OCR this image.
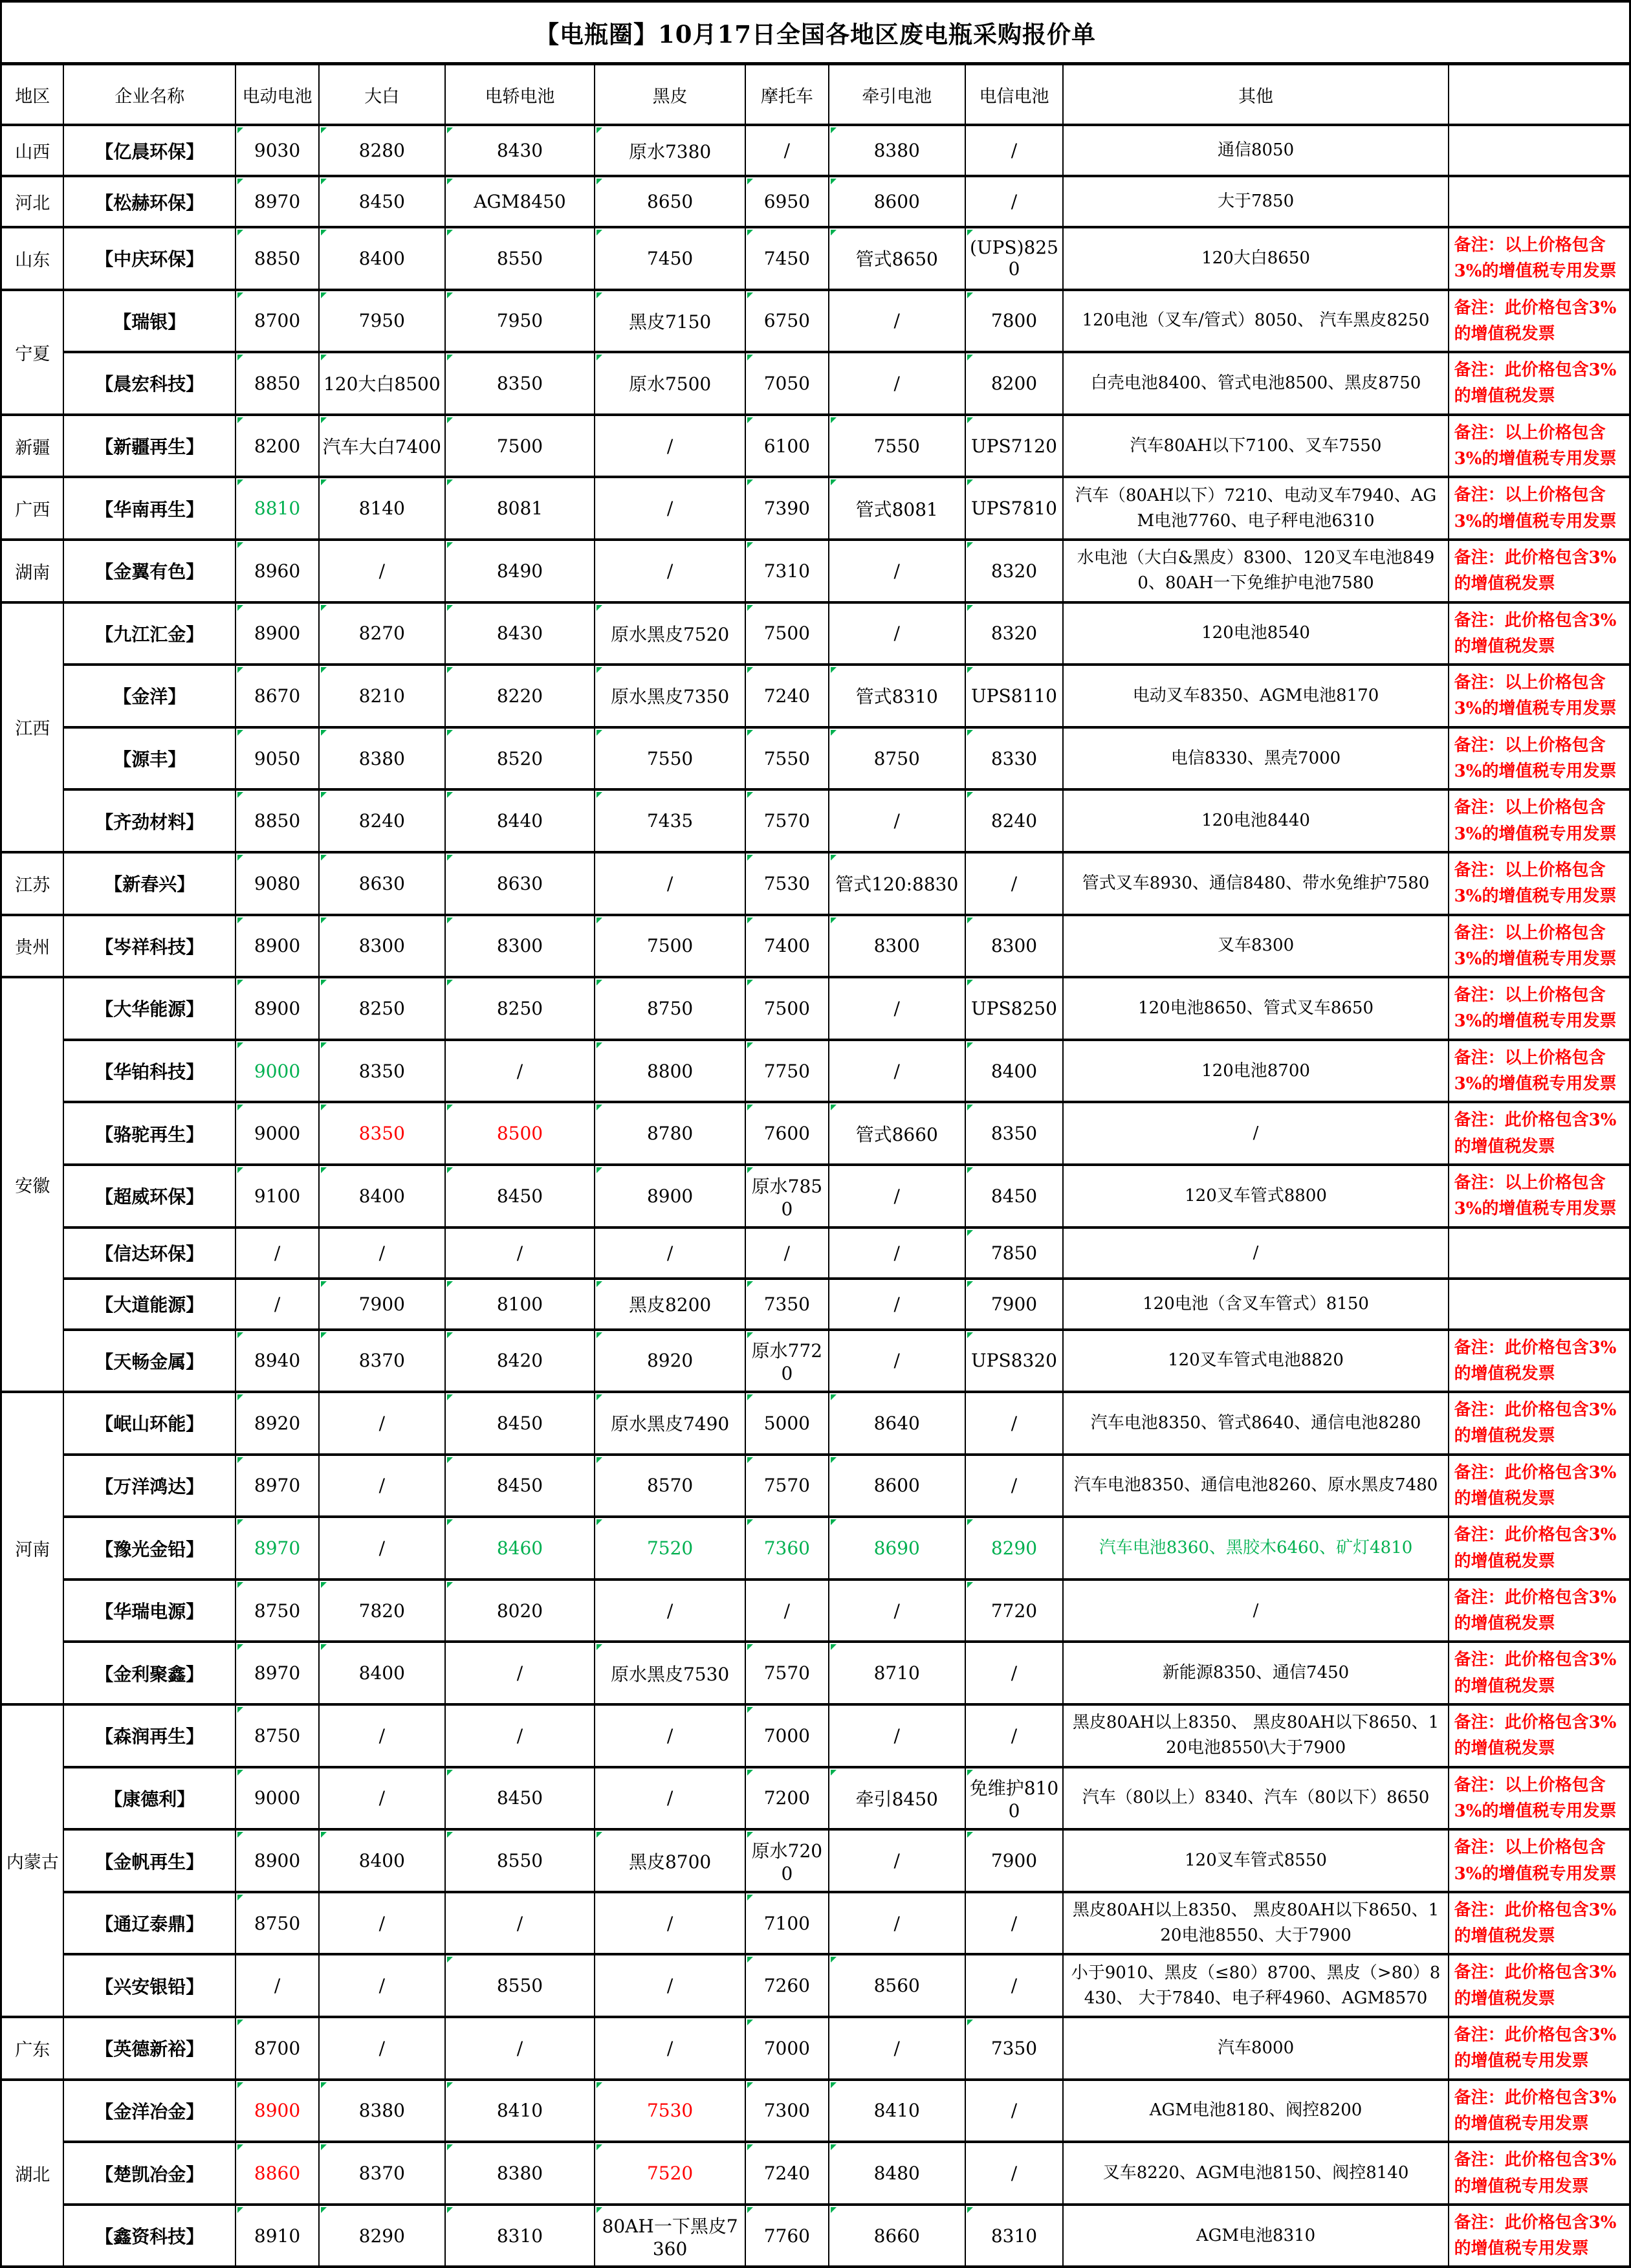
【电瓶圈】10月17日全国各地区废电瓶采购报价单										
地区	企业名称	电动电池	大白	电轿电池	黑皮	摩托车	牵引电池	电信电池	其他	
山西	【亿晨环保】	9030	8280	8430	原水7380	/	8380	/	通信8050	
河北	【松赫环保】	8970	8450	AGM8450	8650	6950	8600	/	大于7850	
山东	【中庆环保】	8850	8400	8550	7450	7450	管式8650	(UPS)8250	120大白8650	备注：以上价格包含3%的增值税专用发票
宁夏	【瑞银】	8700	7950	7950	黑皮7150	6750	/	7800	120电池（叉车/管式）8050、 汽车黑皮8250	备注：此价格包含3%的增值税发票
	【晨宏科技】	8850	120大白8500	8350	原水7500	7050	/	8200	白壳电池8400、管式电池8500、黑皮8750	备注：此价格包含3%的增值税发票
新疆	【新疆再生】	8200	汽车大白7400	7500	/	6100	7550	UPS7120	汽车80AH以下7100、叉车7550	备注：以上价格包含3%的增值税专用发票
广西	【华南再生】	8810	8140	8081	/	7390	管式8081	UPS7810	汽车（80AH以下）7210、电动叉车7940、AGM电池7760、电子秤电池6310	备注：以上价格包含3%的增值税专用发票
湖南	【金翼有色】	8960	/	8490	/	7310	/	8320	水电池（大白&黑皮）8300、120叉车电池8490、80AH一下免维护电池7580	备注：此价格包含3%的增值税发票
江西	【九江汇金】	8900	8270	8430	原水黑皮7520	7500	/	8320	120电池8540	备注：此价格包含3%的增值税发票
	【金洋】	8670	8210	8220	原水黑皮7350	7240	管式8310	UPS8110	电动叉车8350、AGM电池8170	备注：以上价格包含3%的增值税专用发票
	【源丰】	9050	8380	8520	7550	7550	8750	8330	电信8330、黑壳7000	备注：以上价格包含3%的增值税专用发票
	【齐劲材料】	8850	8240	8440	7435	7570	/	8240	120电池8440	备注：以上价格包含3%的增值税专用发票
江苏	【新春兴】	9080	8630	8630	/	7530	管式120:8830	/	管式叉车8930、通信8480、带水免维护7580	备注：以上价格包含3%的增值税专用发票
贵州	【岑祥科技】	8900	8300	8300	7500	7400	8300	8300	叉车8300	备注：以上价格包含3%的增值税专用发票
安徽	【大华能源】	8900	8250	8250	8750	7500	/	UPS8250	120电池8650、管式叉车8650	备注：以上价格包含3%的增值税专用发票
	【华铂科技】	9000	8350	/	8800	7750	/	8400	120电池8700	备注：以上价格包含3%的增值税专用发票
	【骆驼再生】	9000	8350	8500	8780	7600	管式8660	8350	/	备注：此价格包含3%的增值税发票
	【超威环保】	9100	8400	8450	8900	原水7850	/	8450	120叉车管式8800	备注：以上价格包含3%的增值税专用发票
	【信达环保】	/	/	/	/	/	/	7850	/	
	【大道能源】	/	7900	8100	黑皮8200	7350	/	7900	120电池（含叉车管式）8150	
	【天畅金属】	8940	8370	8420	8920	原水7720	/	UPS8320	120叉车管式电池8820	备注：此价格包含3%的增值税发票
河南	【岷山环能】	8920	/	8450	原水黑皮7490	5000	8640	/	汽车电池8350、管式8640、通信电池8280	备注：此价格包含3%的增值税发票
	【万洋鸿达】	8970	/	8450	8570	7570	8600	/	汽车电池8350、通信电池8260、原水黑皮7480	备注：此价格包含3%的增值税发票
	【豫光金铅】	8970	/	8460	7520	7360	8690	8290	汽车电池8360、黑胶木6460、矿灯4810	备注：此价格包含3%的增值税发票
	【华瑞电源】	8750	7820	8020	/	/	/	7720	/	备注：此价格包含3%的增值税发票
	【金利聚鑫】	8970	8400	/	原水黑皮7530	7570	8710	/	新能源8350、通信7450	备注：此价格包含3%的增值税发票
内蒙古	【森润再生】	8750	/	/	/	7000	/	/	黑皮80AH以上8350、 黑皮80AH以下8650、120电池8550\大于7900	备注：此价格包含3%的增值税发票
	【康德利】	9000	/	8450	/	7200	牵引8450	免维护8100	汽车（80以上）8340、汽车（80以下）8650	备注：以上价格包含3%的增值税专用发票
	【金帆再生】	8900	8400	8550	黑皮8700	原水7200	/	7900	120叉车管式8550	备注：以上价格包含3%的增值税专用发票
	【通辽泰鼎】	8750	/	/	/	7100	/	/	黑皮80AH以上8350、 黑皮80AH以下8650、120电池8550、大于7900	备注：此价格包含3%的增值税发票
	【兴安银铅】	/	/	8550	/	7260	8560	/	小于9010、黑皮（≤80）8700、黑皮（>80）8430、 大于7840、电子秤4960、AGM8570	备注：此价格包含3%的增值税发票
广东	【英德新裕】	8700	/	/	/	7000	/	7350	汽车8000	备注：此价格包含3%的增值税专用发票
湖北	【金洋冶金】	8900	8380	8410	7530	7300	8410	/	AGM电池8180、阀控8200	备注：此价格包含3%的增值税专用发票
	【楚凯冶金】	8860	8370	8380	7520	7240	8480	/	叉车8220、AGM电池8150、阀控8140	备注：此价格包含3%的增值税专用发票
	【鑫资科技】	8910	8290	8310	80AH一下黑皮7360	7760	8660	8310	AGM电池8310	备注：此价格包含3%的增值税专用发票
